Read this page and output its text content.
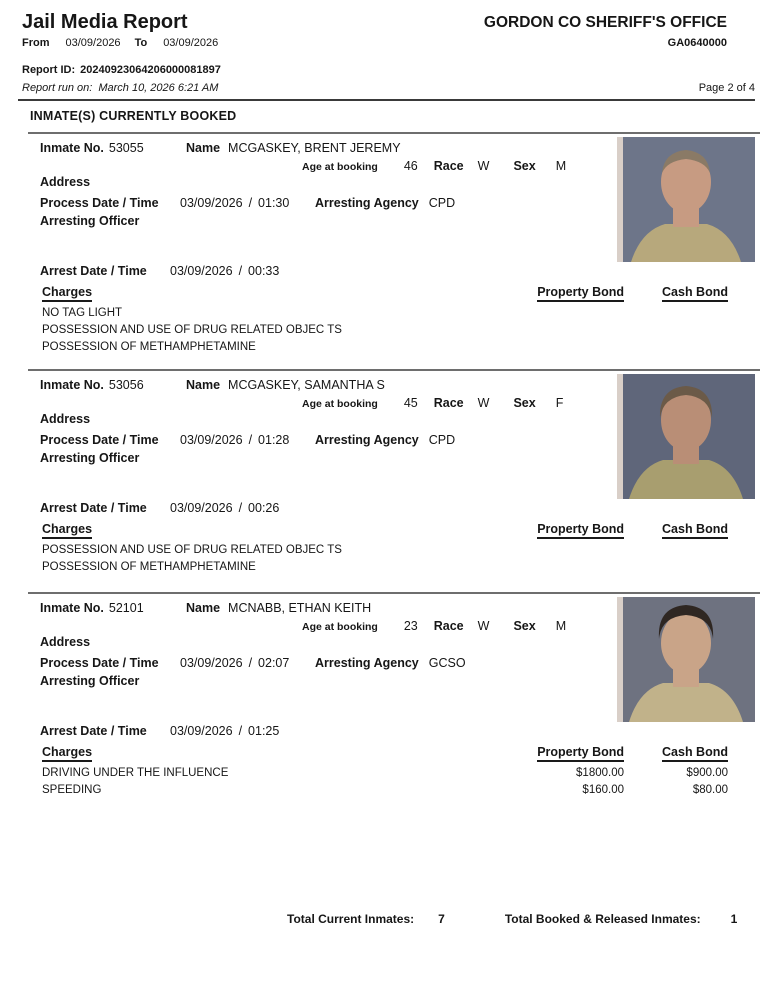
Jail Media Report	GORDON CO SHERIFF'S OFFICE
From 03/09/2026 To 03/09/2026	GA0640000
Report ID: 20240923064206000081897
Report run on: March 10, 2026 6:21 AM	Page 2 of 4
INMATE(S) CURRENTLY BOOKED
Inmate No. 53055	Name MCGASKEY, BRENT JEREMY
Age at booking 46 Race W Sex M
Address
Process Date / Time	03/09/2026 / 01:30 Arresting Agency CPD
Arresting Officer
Arrest Date / Time	03/09/2026 / 00:33
Charges	Property Bond	Cash Bond
NO TAG LIGHT
POSSESSION AND USE OF DRUG RELATED OBJEC TS
POSSESSION OF METHAMPHETAMINE
Inmate No. 53056	Name MCGASKEY, SAMANTHA S
Age at booking 45 Race W Sex F
Address
Process Date / Time	03/09/2026 / 01:28 Arresting Agency CPD
Arresting Officer
Arrest Date / Time	03/09/2026 / 00:26
Charges	Property Bond	Cash Bond
POSSESSION AND USE OF DRUG RELATED OBJEC TS
POSSESSION OF METHAMPHETAMINE
Inmate No. 52101	Name MCNABB, ETHAN KEITH
Age at booking 23 Race W Sex M
Address
Process Date / Time	03/09/2026 / 02:07 Arresting Agency GCSO
Arresting Officer
Arrest Date / Time	03/09/2026 / 01:25
Charges	Property Bond	Cash Bond
DRIVING UNDER THE INFLUENCE	$1800.00	$900.00
SPEEDING	$160.00	$80.00
Total Current Inmates: 7	Total Booked & Released Inmates:	1
